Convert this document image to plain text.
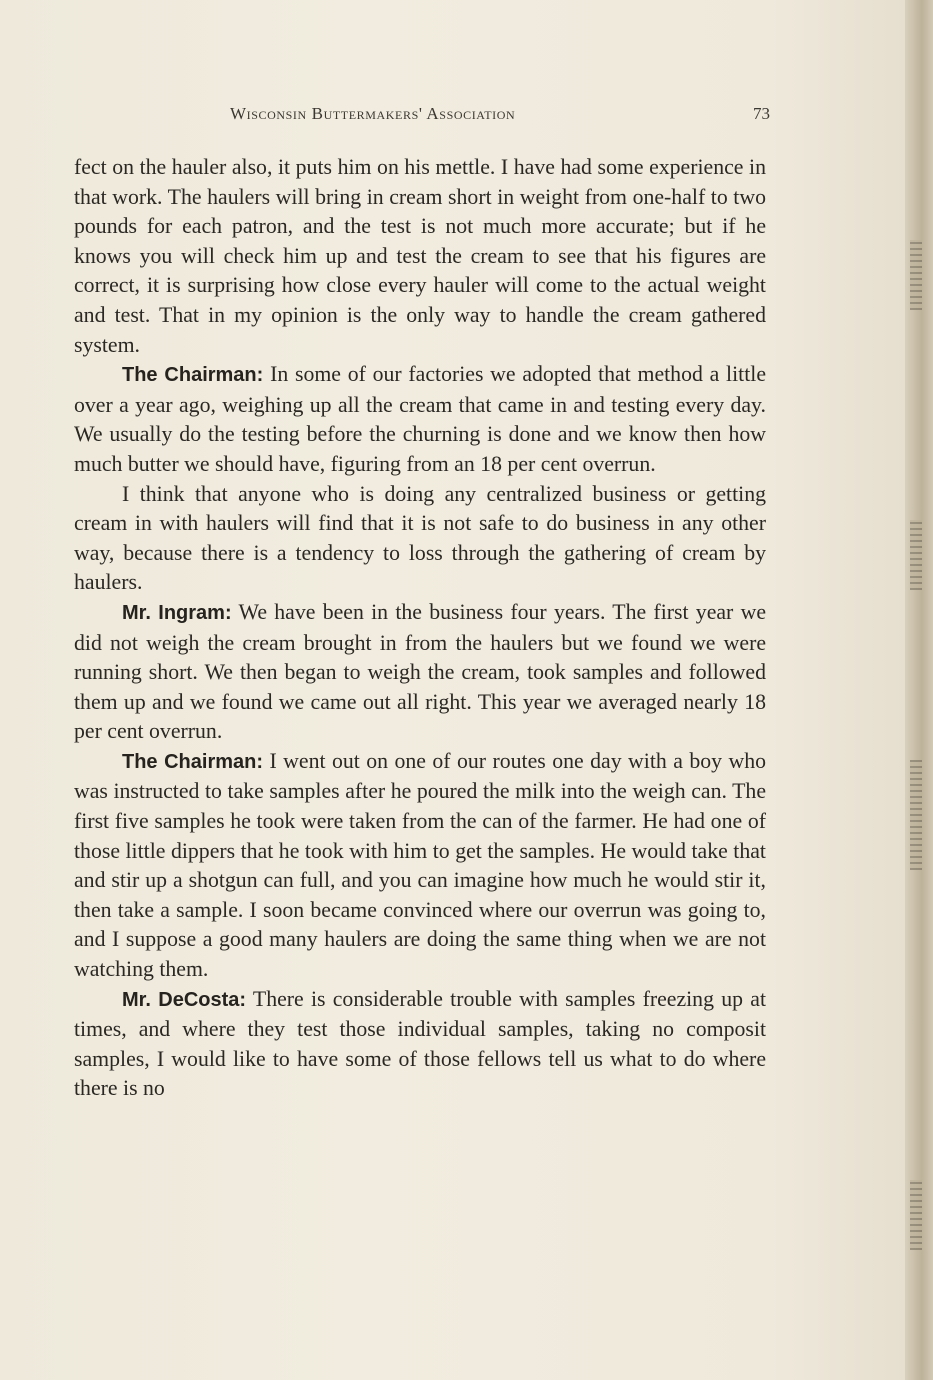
Wisconsin Buttermakers' Association	73

fect on the hauler also, it puts him on his mettle. I have had some experience in that work. The haulers will bring in cream short in weight from one-half to two pounds for each patron, and the test is not much more accurate; but if he knows you will check him up and test the cream to see that his figures are correct, it is surprising how close every hauler will come to the actual weight and test. That in my opinion is the only way to handle the cream gathered system.

The Chairman: In some of our factories we adopted that method a little over a year ago, weighing up all the cream that came in and testing every day. We usually do the testing before the churning is done and we know then how much butter we should have, figuring from an 18 per cent overrun.

I think that anyone who is doing any centralized business or getting cream in with haulers will find that it is not safe to do business in any other way, because there is a tendency to loss through the gathering of cream by haulers.

Mr. Ingram: We have been in the business four years. The first year we did not weigh the cream brought in from the haulers but we found we were running short. We then began to weigh the cream, took samples and followed them up and we found we came out all right. This year we averaged nearly 18 per cent overrun.

The Chairman: I went out on one of our routes one day with a boy who was instructed to take samples after he poured the milk into the weigh can. The first five samples he took were taken from the can of the farmer. He had one of those little dippers that he took with him to get the samples. He would take that and stir up a shotgun can full, and you can imagine how much he would stir it, then take a sample. I soon became convinced where our overrun was going to, and I suppose a good many haulers are doing the same thing when we are not watching them.

Mr. DeCosta: There is considerable trouble with samples freezing up at times, and where they test those individual samples, taking no composit samples, I would like to have some of those fellows tell us what to do where there is no
